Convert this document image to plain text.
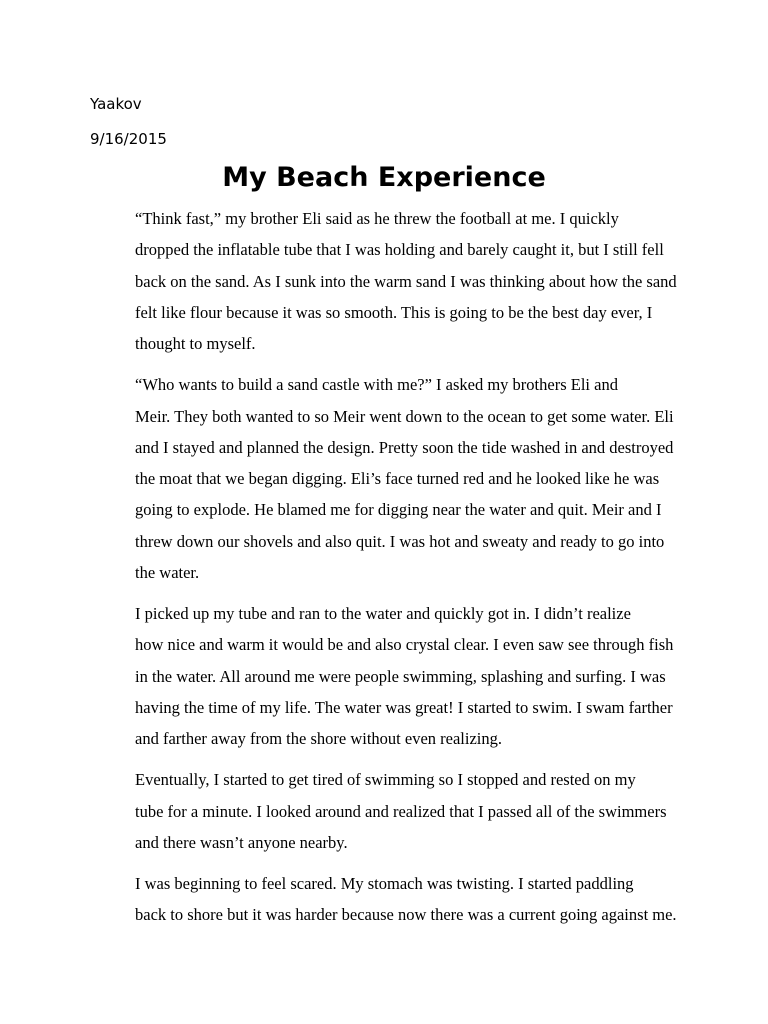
Yaakov
9/16/2015
My Beach Experience

“Think fast,” my brother Eli said as he threw the football at me. I quickly
dropped the inflatable tube that I was holding and barely caught it, but I still fell
back on the sand. As I sunk into the warm sand I was thinking about how the sand
felt like flour because it was so smooth. This is going to be the best day ever, I
thought to myself.

“Who wants to build a sand castle with me?” I asked my brothers Eli and
Meir. They both wanted to so Meir went down to the ocean to get some water. Eli
and I stayed and planned the design. Pretty soon the tide washed in and destroyed
the moat that we began digging. Eli’s face turned red and he looked like he was
going to explode. He blamed me for digging near the water and quit. Meir and I
threw down our shovels and also quit. I was hot and sweaty and ready to go into
the water.

I picked up my tube and ran to the water and quickly got in. I didn’t realize
how nice and warm it would be and also crystal clear. I even saw see through fish
in the water. All around me were people swimming, splashing and surfing. I was
having the time of my life. The water was great! I started to swim. I swam farther
and farther away from the shore without even realizing.

Eventually, I started to get tired of swimming so I stopped and rested on my
tube for a minute. I looked around and realized that I passed all of the swimmers
and there wasn’t anyone nearby.

I was beginning to feel scared. My stomach was twisting. I started paddling
back to shore but it was harder because now there was a current going against me.
